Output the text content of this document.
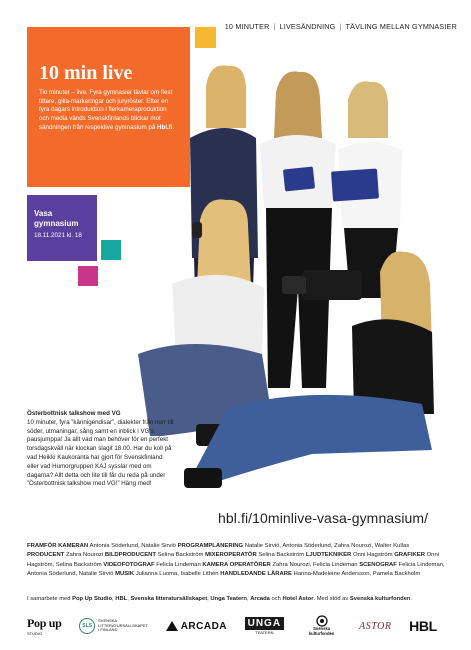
10 MINUTER | LIVESÄNDNING | TÄVLING MELLAN GYMNASIER
10 min live

Tio minuter – live. Fyra gymnasier tävlar om flest tittare, gilla-markeringar och juryröster. Efter en fyra dagars introduktion i flerkameraproduktion och media vänds Svenskfinlands blickar mot sändningen från respektive gymnasium på Hbl.fi.

Vasa
gymnasium
18.11.2021 kl. 18
Österbottnisk talkshow med VG
10 minuter, fyra ”kännigendisar”, dialekter från norr till söder, utmaningar, sång samt en inblick i VG:s pausjumppa! Ja allt vad man behöver för en perfekt torsdagskväll när klockan slagit 18.00. Har du koll på vad Heikki Kaukoranta har gjort för Svenskfinland eller vad Humorgruppen KAJ sysslar med om dagarna? Allt detta och lite till får du reda på under ”Österbottnisk talkshow med VG!” Häng med!
hbl.fi/10minlive-vasa-gymnasium/
FRAMFÖR KAMERAN Antonia Söderlund, Natalie Sirviö PROGRAMPLANERING Natalie Sirviö, Antonia Söderlund, Zahra Nourozi, Walter Kullas PRODUCENT Zahra Nourozi BILDPRODUCENT Selina Backström MIXEROPERATÖR Selina Backström LJUDTEKNIKER Onni Hagström GRAFIKER Onni Hagström, Selina Backström VIDEOFOTOGRAF Felicia Lindeman KAMERA OPERATÖRER Zahra Nourozi, Felicia Lindeman SCENOGRAF Felicia Lindeman, Antonia Söderlund, Natalie Sirviö MUSIK Julianna Luoma, Isabelle Lithén HANDLEDANDE LÄRARE Hanna-Madeleine Andersson, Pamela Backholm
I samarbete med Pop Up Studio, HBL, Svenska litteratursällskapet, Unga Teatern, Arcada och Hotel Astor. Med stöd av Svenska kulturfonden.
Pop up
STUDIO
SLS
SVENSKA LITTERATURSÄLLSKAPET I FINLAND	ARCADA	UNGA
TEATERN
Svenska kulturfonden
ASTOR HBL
